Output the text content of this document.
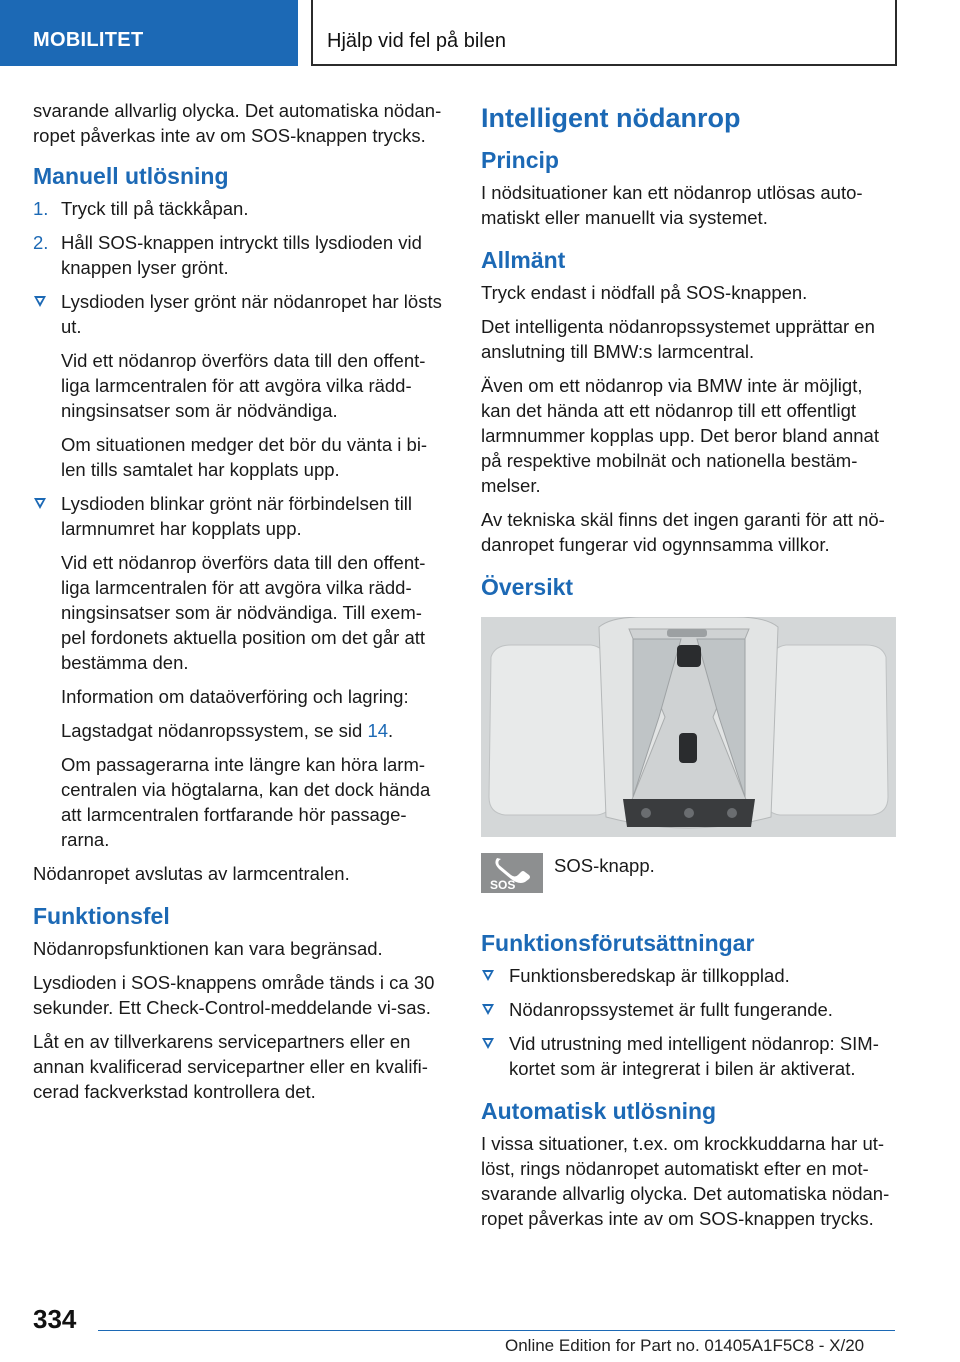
MOBILITET	Hjälp vid fel på bilen

svarande allvarlig olycka. Det automatiska nödan-ropet påverkas inte av om SOS-knappen trycks.

Manuell utlösning
1. Tryck till på täckkåpan.
2. Håll SOS-knappen intryckt tills lysdioden vid knappen lyser grönt.
Lysdioden lyser grönt när nödanropet har lösts ut.

Vid ett nödanrop överförs data till den offent-liga larmcentralen för att avgöra vilka rädd-ningsinsatser som är nödvändiga.

Om situationen medger det bör du vänta i bi-len tills samtalet har kopplats upp.

Lysdioden blinkar grönt när förbindelsen till larmnumret har kopplats upp.

Vid ett nödanrop överförs data till den offent-liga larmcentralen för att avgöra vilka rädd-ningsinsatser som är nödvändiga. Till exem-pel fordonets aktuella position om det går att bestämma den.

Information om dataöverföring och lagring:

Lagstadgat nödanropssystem, se sid 14.

Om passagerarna inte längre kan höra larm-centralen via högtalarna, kan det dock hända att larmcentralen fortfarande hör passage-rarna.

Nödanropet avslutas av larmcentralen.

Funktionsfel

Nödanropsfunktionen kan vara begränsad.

Lysdioden i SOS-knappens område tänds i ca 30 sekunder. Ett Check-Control-meddelande vi-sas.

Låt en av tillverkarens servicepartners eller en annan kvalificerad servicepartner eller en kvalifi-cerad fackverkstad kontrollera det.

Intelligent nödanrop
Princip

I nödsituationer kan ett nödanrop utlösas auto-matiskt eller manuellt via systemet.

Allmänt

Tryck endast i nödfall på SOS-knappen.

Det intelligenta nödanropssystemet upprättar en anslutning till BMW:s larmcentral.

Även om ett nödanrop via BMW inte är möjligt, kan det hända att ett nödanrop till ett offentligt larmnummer kopplas upp. Det beror bland annat på respektive mobilnät och nationella bestäm-melser.

Av tekniska skäl finns det ingen garanti för att nö-danropet fungerar vid ogynnsamma villkor.

Översikt
SOS
SOS-knapp.
Funktionsförutsättningar
Funktionsberedskap är tillkopplad.
Nödanropssystemet är fullt fungerande.
Vid utrustning med intelligent nödanrop: SIM-kortet som är integrerat i bilen är aktiverat.
Automatisk utlösning

I vissa situationer, t.ex. om krockkuddarna har ut-löst, rings nödanropet automatiskt efter en mot-svarande allvarlig olycka. Det automatiska nödan-ropet påverkas inte av om SOS-knappen trycks.

334
Online Edition for Part no. 01405A1F5C8 - X/20
